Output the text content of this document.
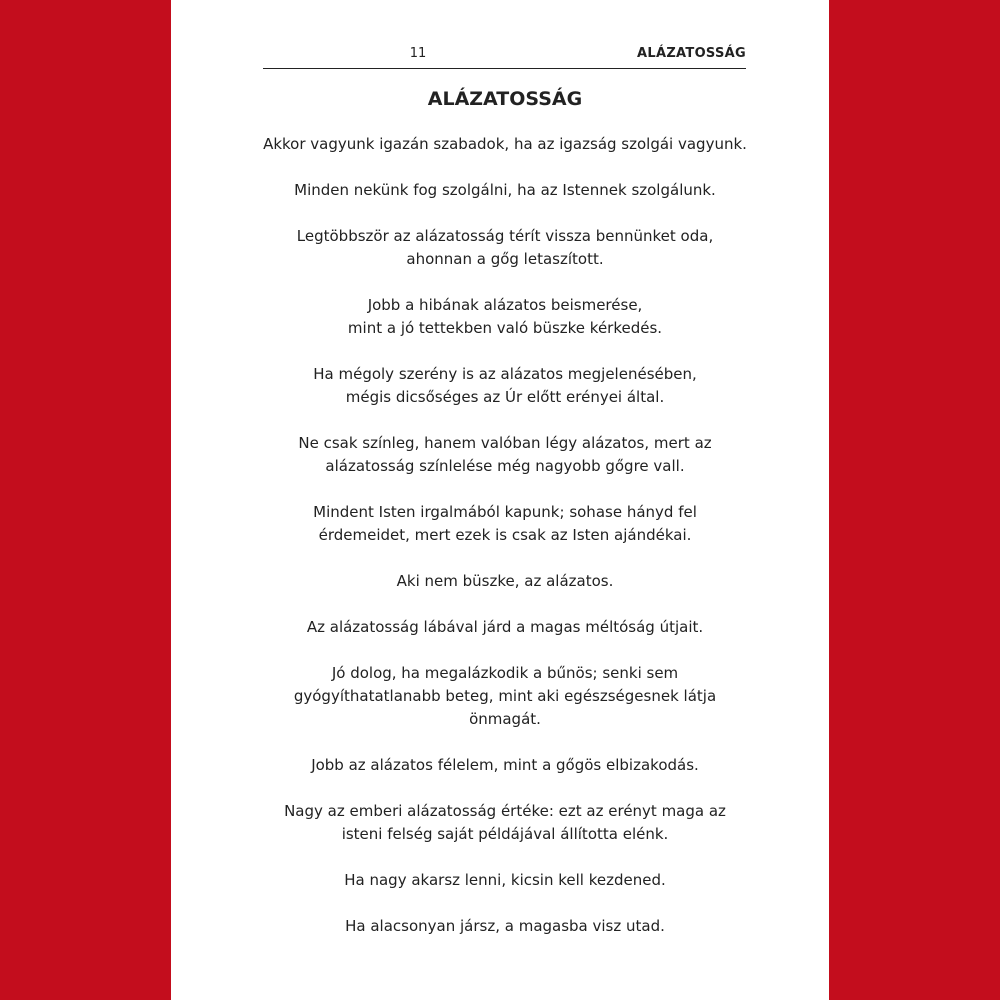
11	ALÁZATOSSÁG
ALÁZATOSSÁG

Akkor vagyunk igazán szabadok, ha az igazság szolgái vagyunk.

Minden nekünk fog szolgálni, ha az Istennek szolgálunk.

Legtöbbször az alázatosság térít vissza bennünket oda,
ahonnan a gőg letaszított.

Jobb a hibának alázatos beismerése,
mint a jó tettekben való büszke kérkedés.

Ha mégoly szerény is az alázatos megjelenésében,
mégis dicsőséges az Úr előtt erényei által.

Ne csak színleg, hanem valóban légy alázatos, mert az
alázatosság színlelése még nagyobb gőgre vall.

Mindent Isten irgalmából kapunk; sohase hányd fel
érdemeidet, mert ezek is csak az Isten ajándékai.

Aki nem büszke, az alázatos.

Az alázatosság lábával járd a magas méltóság útjait.

Jó dolog, ha megalázkodik a bűnös; senki sem
gyógyíthatatlanabb beteg, mint aki egészségesnek látja
önmagát.

Jobb az alázatos félelem, mint a gőgös elbizakodás.

Nagy az emberi alázatosság értéke: ezt az erényt maga az
isteni felség saját példájával állította elénk.

Ha nagy akarsz lenni, kicsin kell kezdened.

Ha alacsonyan jársz, a magasba visz utad.
